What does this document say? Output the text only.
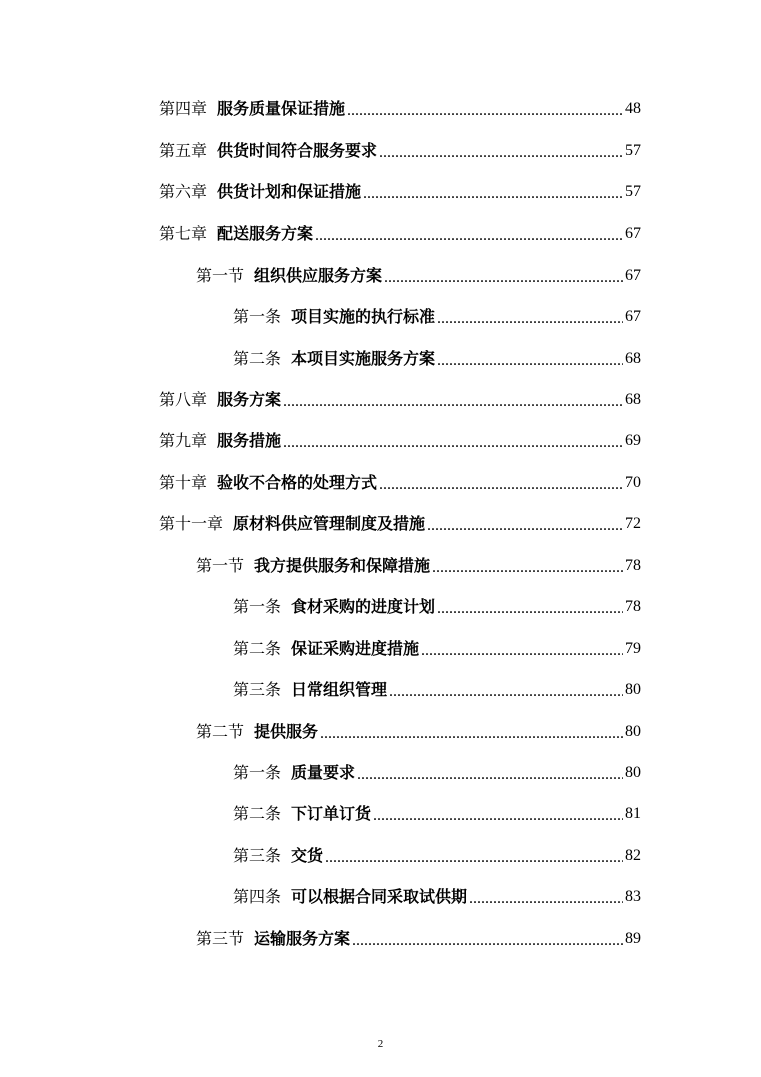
第四章 服务质量保证措施 .....	48
第五章 供货时间符合服务要求 .....	57
第六章 供货计划和保证措施 .....	57
第七章 配送服务方案 .....	67
第一节 组织供应服务方案 .....	67
第一条 项目实施的执行标准 .....	67
第二条 本项目实施服务方案 .....	68
第八章 服务方案 .....	68
第九章 服务措施 .....	69
第十章 验收不合格的处理方式 .....	70
第十一章 原材料供应管理制度及措施 .....	72
第一节 我方提供服务和保障措施 .....	78
第一条 食材采购的进度计划 .....	78
第二条 保证采购进度措施 .....	79
第三条 日常组织管理 .....	80
第二节 提供服务 .....	80
第一条 质量要求 .....	80
第二条 下订单订货 .....	81
第三条 交货 .....	82
第四条 可以根据合同采取试供期 .....	83
第三节 运输服务方案 .....	89
2
